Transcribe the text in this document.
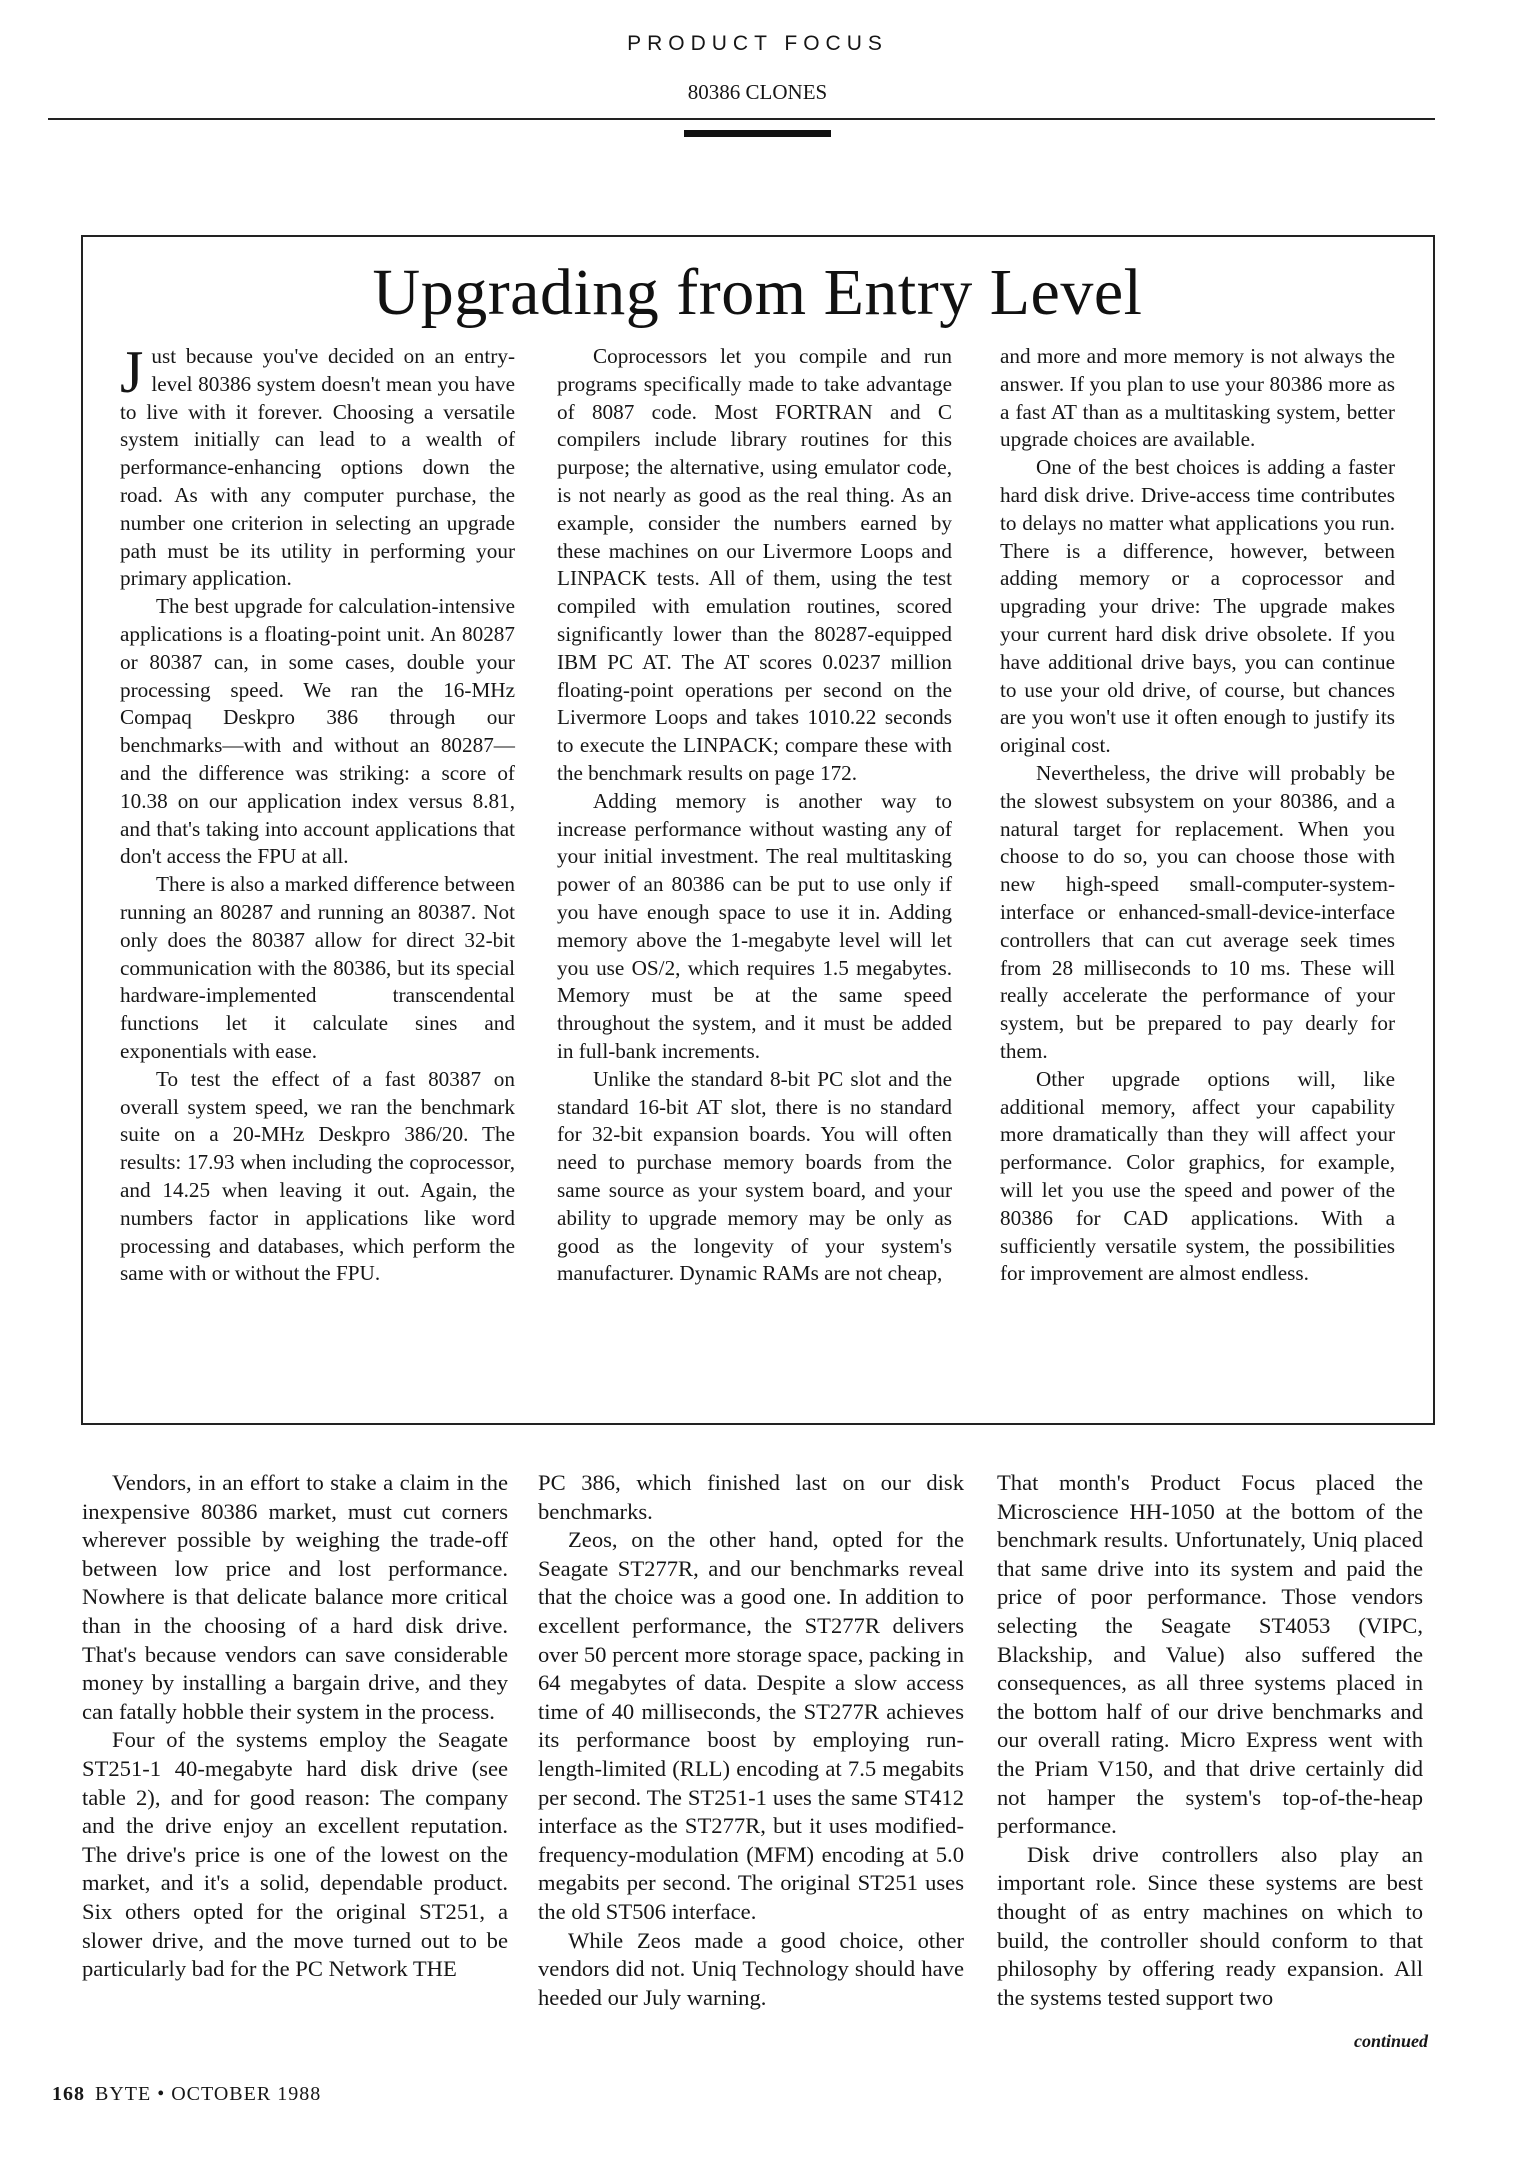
PRODUCT FOCUS
80386 CLONES
Upgrading from Entry Level

Just because you've decided on an entry-level 80386 system doesn't mean you have to live with it forever. Choosing a versatile system initially can lead to a wealth of performance-enhancing options down the road. As with any computer purchase, the number one criterion in selecting an upgrade path must be its utility in performing your primary application.

The best upgrade for calculation-intensive applications is a floating-point unit. An 80287 or 80387 can, in some cases, double your processing speed. We ran the 16-MHz Compaq Deskpro 386 through our benchmarks—with and without an 80287—and the difference was striking: a score of 10.38 on our application index versus 8.81, and that's taking into account applications that don't access the FPU at all.

There is also a marked difference between running an 80287 and running an 80387. Not only does the 80387 allow for direct 32-bit communication with the 80386, but its special hardware-implemented transcendental functions let it calculate sines and exponentials with ease.

To test the effect of a fast 80387 on overall system speed, we ran the benchmark suite on a 20-MHz Deskpro 386/20. The results: 17.93 when including the coprocessor, and 14.25 when leaving it out. Again, the numbers factor in applications like word processing and databases, which perform the same with or without the FPU.

Coprocessors let you compile and run programs specifically made to take advantage of 8087 code. Most FORTRAN and C compilers include library routines for this purpose; the alternative, using emulator code, is not nearly as good as the real thing. As an example, consider the numbers earned by these machines on our Livermore Loops and LINPACK tests. All of them, using the test compiled with emulation routines, scored significantly lower than the 80287-equipped IBM PC AT. The AT scores 0.0237 million floating-point operations per second on the Livermore Loops and takes 1010.22 seconds to execute the LINPACK; compare these with the benchmark results on page 172.

Adding memory is another way to increase performance without wasting any of your initial investment. The real multitasking power of an 80386 can be put to use only if you have enough space to use it in. Adding memory above the 1-megabyte level will let you use OS/2, which requires 1.5 megabytes. Memory must be at the same speed throughout the system, and it must be added in full-bank increments.

Unlike the standard 8-bit PC slot and the standard 16-bit AT slot, there is no standard for 32-bit expansion boards. You will often need to purchase memory boards from the same source as your system board, and your ability to upgrade memory may be only as good as the longevity of your system's manufacturer. Dynamic RAMs are not cheap,

and more and more memory is not always the answer. If you plan to use your 80386 more as a fast AT than as a multitasking system, better upgrade choices are available.

One of the best choices is adding a faster hard disk drive. Drive-access time contributes to delays no matter what applications you run. There is a difference, however, between adding memory or a coprocessor and upgrading your drive: The upgrade makes your current hard disk drive obsolete. If you have additional drive bays, you can continue to use your old drive, of course, but chances are you won't use it often enough to justify its original cost.

Nevertheless, the drive will probably be the slowest subsystem on your 80386, and a natural target for replacement. When you choose to do so, you can choose those with new high-speed small-computer-system-interface or enhanced-small-device-interface controllers that can cut average seek times from 28 milliseconds to 10 ms. These will really accelerate the performance of your system, but be prepared to pay dearly for them.

Other upgrade options will, like additional memory, affect your capability more dramatically than they will affect your performance. Color graphics, for example, will let you use the speed and power of the 80386 for CAD applications. With a sufficiently versatile system, the possibilities for improvement are almost endless.

Vendors, in an effort to stake a claim in the inexpensive 80386 market, must cut corners wherever possible by weighing the trade-off between low price and lost performance. Nowhere is that delicate balance more critical than in the choosing of a hard disk drive. That's because vendors can save considerable money by installing a bargain drive, and they can fatally hobble their system in the process.

Four of the systems employ the Seagate ST251-1 40-megabyte hard disk drive (see table 2), and for good reason: The company and the drive enjoy an excellent reputation. The drive's price is one of the lowest on the market, and it's a solid, dependable product. Six others opted for the original ST251, a slower drive, and the move turned out to be particularly bad for the PC Network THE

PC 386, which finished last on our disk benchmarks.

Zeos, on the other hand, opted for the Seagate ST277R, and our benchmarks reveal that the choice was a good one. In addition to excellent performance, the ST277R delivers over 50 percent more storage space, packing in 64 megabytes of data. Despite a slow access time of 40 milliseconds, the ST277R achieves its performance boost by employing run-length-limited (RLL) encoding at 7.5 megabits per second. The ST251-1 uses the same ST412 interface as the ST277R, but it uses modified-frequency-modulation (MFM) encoding at 5.0 megabits per second. The original ST251 uses the old ST506 interface.

While Zeos made a good choice, other vendors did not. Uniq Technology should have heeded our July warning.

That month's Product Focus placed the Microscience HH-1050 at the bottom of the benchmark results. Unfortunately, Uniq placed that same drive into its system and paid the price of poor performance. Those vendors selecting the Seagate ST4053 (VIPC, Blackship, and Value) also suffered the consequences, as all three systems placed in the bottom half of our drive benchmarks and our overall rating. Micro Express went with the Priam V150, and that drive certainly did not hamper the system's top-of-the-heap performance.

Disk drive controllers also play an important role. Since these systems are best thought of as entry machines on which to build, the controller should conform to that philosophy by offering ready expansion. All the systems tested support two

continued
168 BYTE • OCTOBER 1988
